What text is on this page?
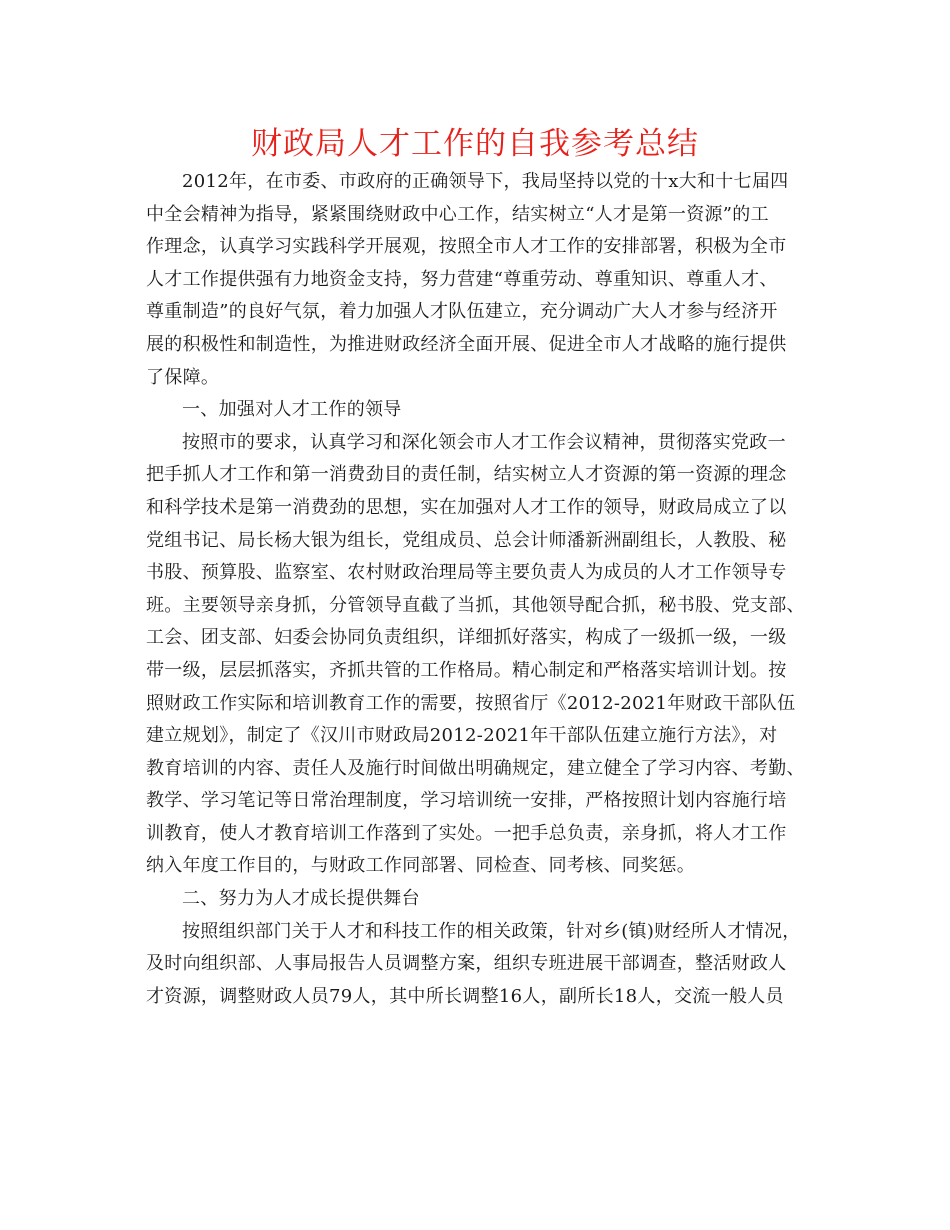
财政局人才工作的自我参考总结
2012年，在市委、市政府的正确领导下，我局坚持以党的十x大和十七届四
中全会精神为指导，紧紧围绕财政中心工作，结实树立“人才是第一资源”的工
作理念，认真学习实践科学开展观，按照全市人才工作的安排部署，积极为全市
人才工作提供强有力地资金支持，努力营建“尊重劳动、尊重知识、尊重人才、
尊重制造”的良好气氛，着力加强人才队伍建立，充分调动广大人才参与经济开
展的积极性和制造性，为推进财政经济全面开展、促进全市人才战略的施行提供
了保障。
一、加强对人才工作的领导
按照市的要求，认真学习和深化领会市人才工作会议精神，贯彻落实党政一
把手抓人才工作和第一消费劲目的责任制，结实树立人才资源的第一资源的理念
和科学技术是第一消费劲的思想，实在加强对人才工作的领导，财政局成立了以
党组书记、局长杨大银为组长，党组成员、总会计师潘新洲副组长，人教股、秘
书股、预算股、监察室、农村财政治理局等主要负责人为成员的人才工作领导专
班。主要领导亲身抓，分管领导直截了当抓，其他领导配合抓，秘书股、党支部、
工会、团支部、妇委会协同负责组织，详细抓好落实，构成了一级抓一级，一级
带一级，层层抓落实，齐抓共管的工作格局。精心制定和严格落实培训计划。按
照财政工作实际和培训教育工作的需要，按照省厅《2012-2021年财政干部队伍
建立规划》，制定了《汉川市财政局2012-2021年干部队伍建立施行方法》，对
教育培训的内容、责任人及施行时间做出明确规定，建立健全了学习内容、考勤、
教学、学习笔记等日常治理制度，学习培训统一安排，严格按照计划内容施行培
训教育，使人才教育培训工作落到了实处。一把手总负责，亲身抓，将人才工作
纳入年度工作目的，与财政工作同部署、同检查、同考核、同奖惩。
二、努力为人才成长提供舞台
按照组织部门关于人才和科技工作的相关政策，针对乡(镇)财经所人才情况，
及时向组织部、人事局报告人员调整方案，组织专班进展干部调查，整活财政人
才资源，调整财政人员79人，其中所长调整16人，副所长18人，交流一般人员
